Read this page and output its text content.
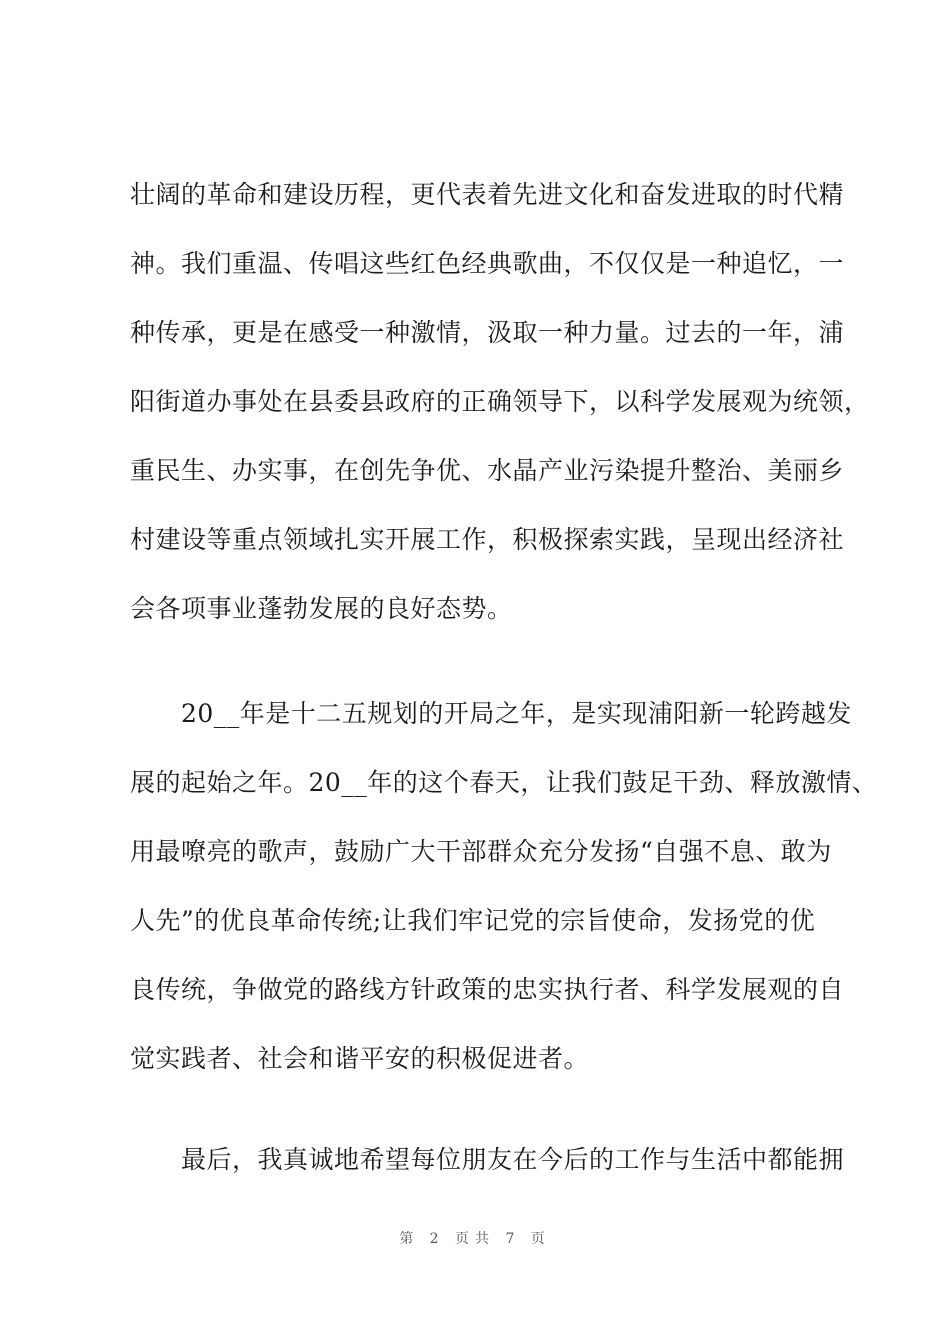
壮阔的革命和建设历程，更代表着先进文化和奋发进取的时代精
神。我们重温、传唱这些红色经典歌曲，不仅仅是一种追忆，一
种传承，更是在感受一种激情，汲取一种力量。过去的一年，浦
阳街道办事处在县委县政府的正确领导下，以科学发展观为统领，
重民生、办实事，在创先争优、水晶产业污染提升整治、美丽乡
村建设等重点领域扎实开展工作，积极探索实践，呈现出经济社
会各项事业蓬勃发展的良好态势。
　　20__年是十二五规划的开局之年，是实现浦阳新一轮跨越发
展的起始之年。20__年的这个春天，让我们鼓足干劲、释放激情、
用最嘹亮的歌声，鼓励广大干部群众充分发扬“自强不息、敢为
人先”的优良革命传统;让我们牢记党的宗旨使命，发扬党的优
良传统，争做党的路线方针政策的忠实执行者、科学发展观的自
觉实践者、社会和谐平安的积极促进者。
　　最后，我真诚地希望每位朋友在今后的工作与生活中都能拥
第 2 页共 7 页
